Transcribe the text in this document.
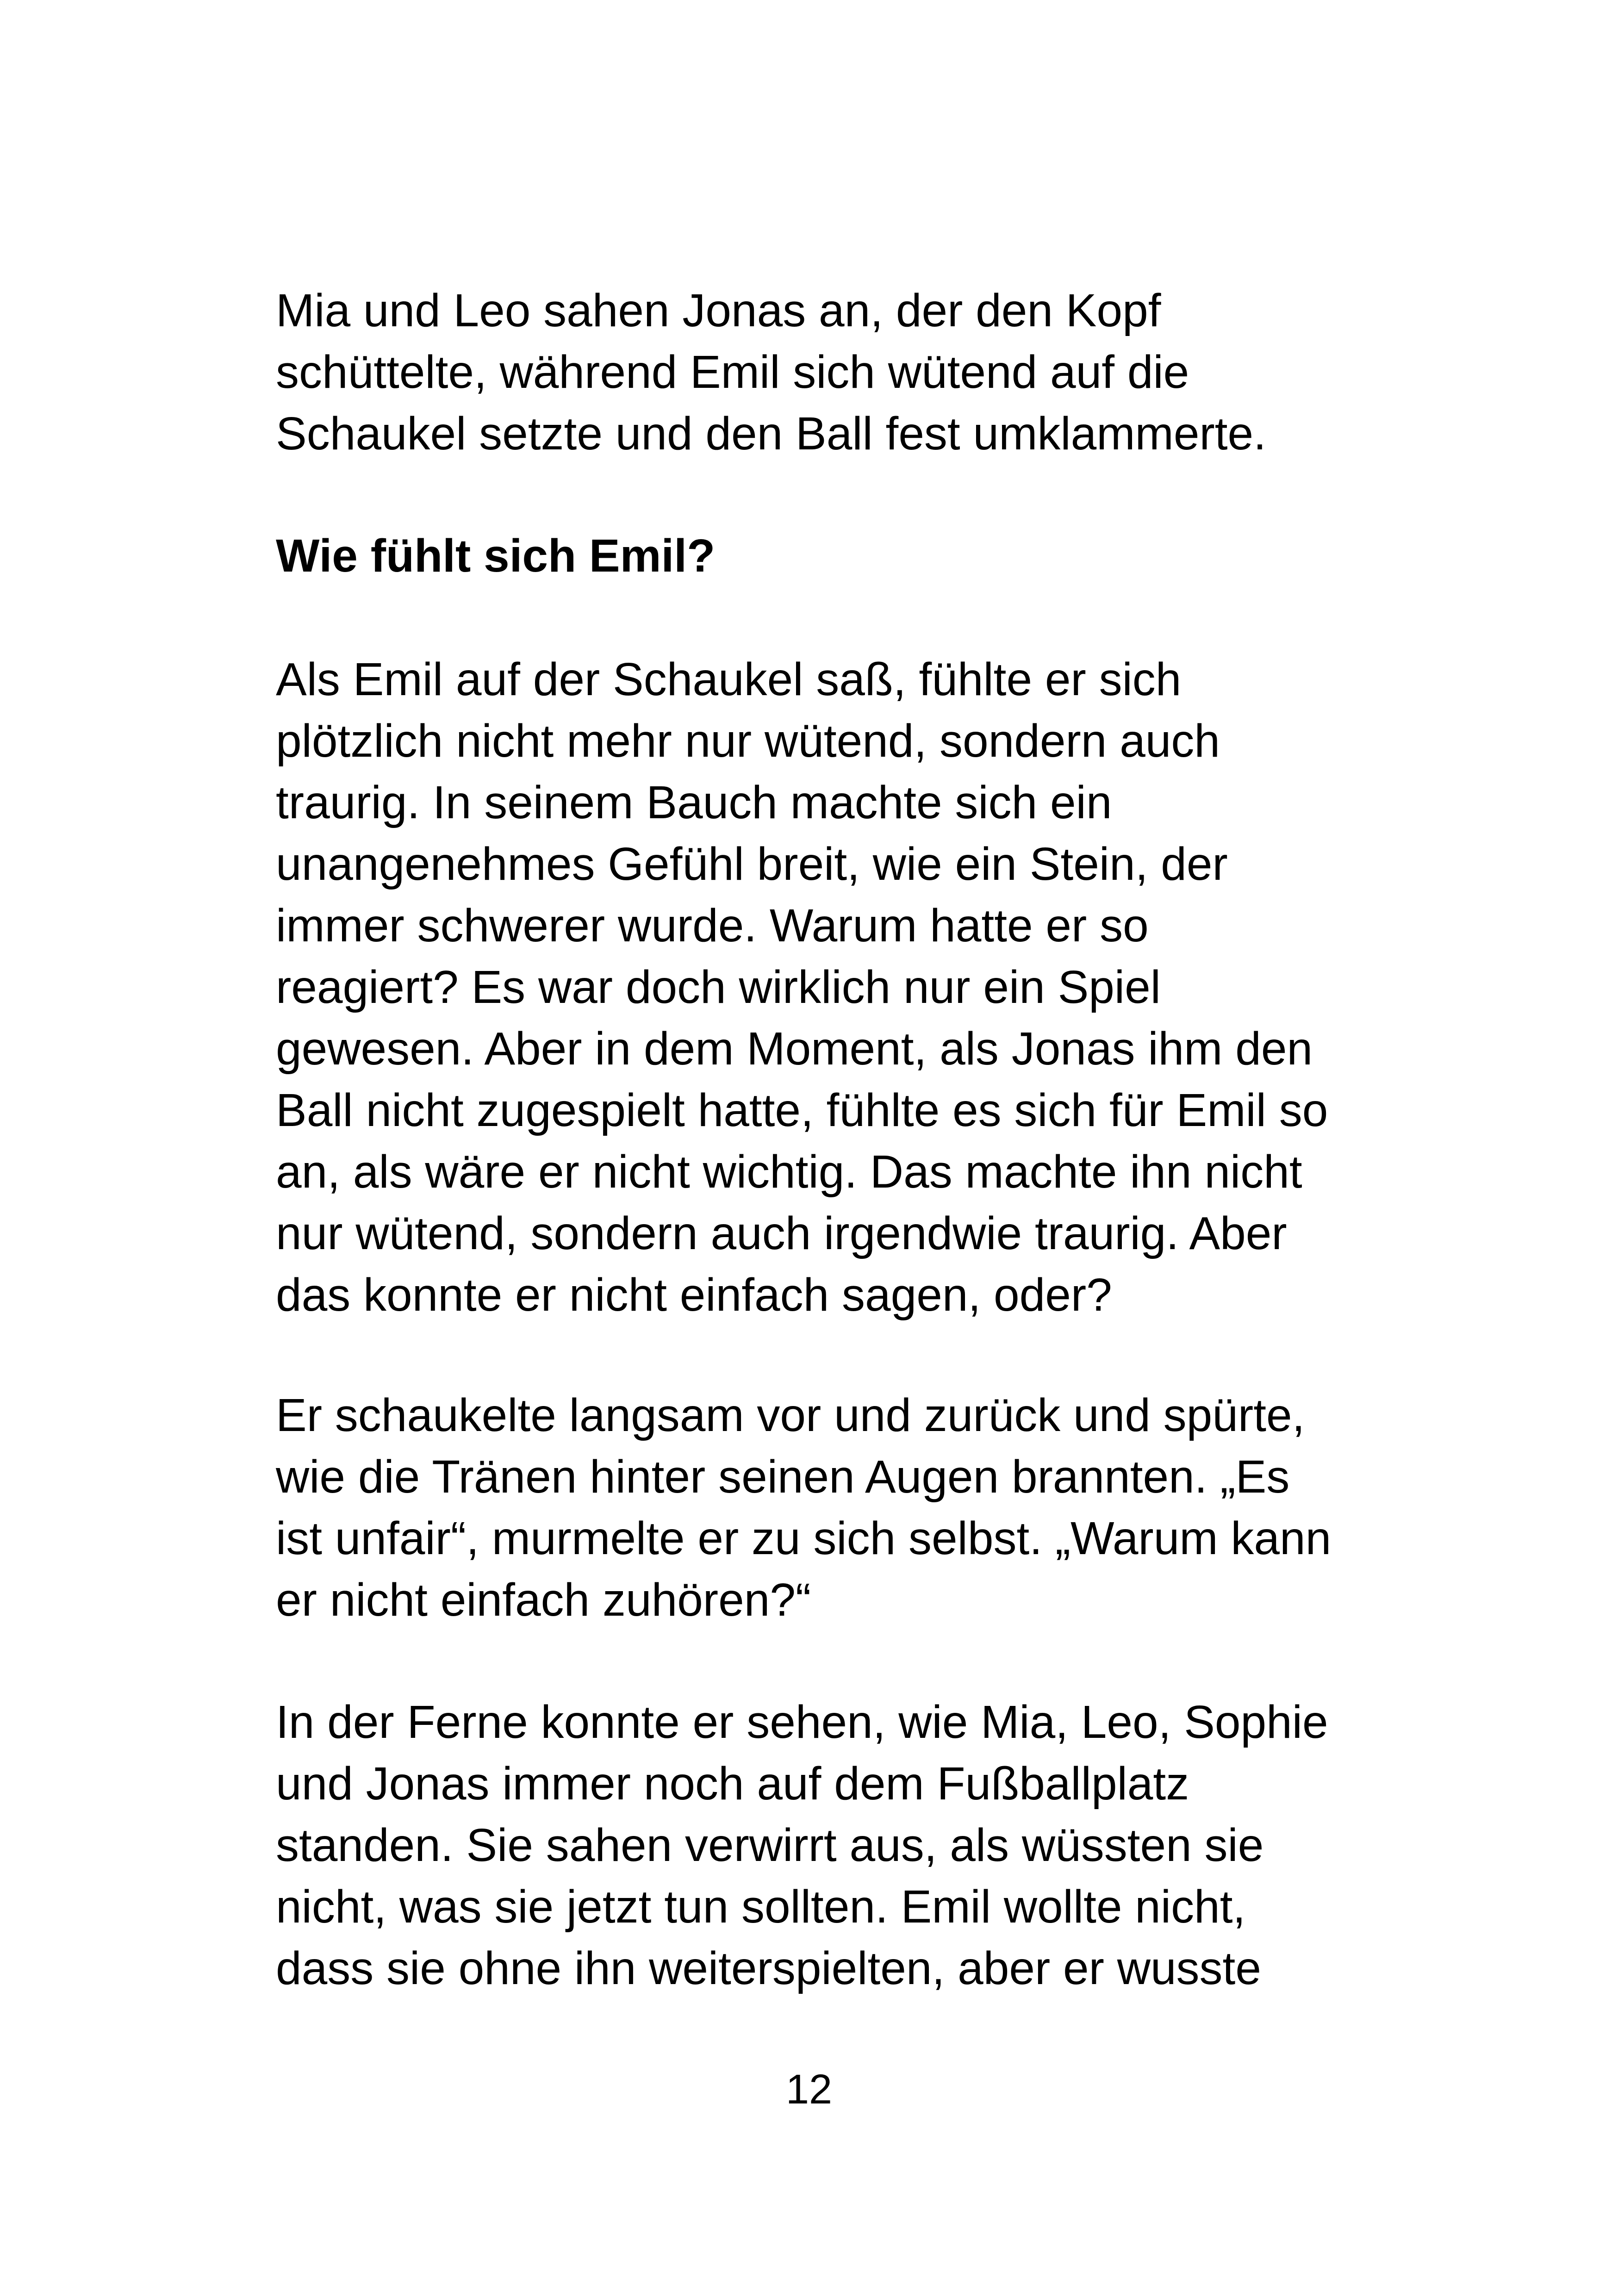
Mia und Leo sahen Jonas an, der den Kopf
schüttelte, während Emil sich wütend auf die
Schaukel setzte und den Ball fest umklammerte.
Wie fühlt sich Emil?
Als Emil auf der Schaukel saß, fühlte er sich
plötzlich nicht mehr nur wütend, sondern auch
traurig. In seinem Bauch machte sich ein
unangenehmes Gefühl breit, wie ein Stein, der
immer schwerer wurde. Warum hatte er so
reagiert? Es war doch wirklich nur ein Spiel
gewesen. Aber in dem Moment, als Jonas ihm den
Ball nicht zugespielt hatte, fühlte es sich für Emil so
an, als wäre er nicht wichtig. Das machte ihn nicht
nur wütend, sondern auch irgendwie traurig. Aber
das konnte er nicht einfach sagen, oder?
Er schaukelte langsam vor und zurück und spürte,
wie die Tränen hinter seinen Augen brannten. „Es
ist unfair“, murmelte er zu sich selbst. „Warum kann
er nicht einfach zuhören?“
In der Ferne konnte er sehen, wie Mia, Leo, Sophie
und Jonas immer noch auf dem Fußballplatz
standen. Sie sahen verwirrt aus, als wüssten sie
nicht, was sie jetzt tun sollten. Emil wollte nicht,
dass sie ohne ihn weiterspielten, aber er wusste
12
